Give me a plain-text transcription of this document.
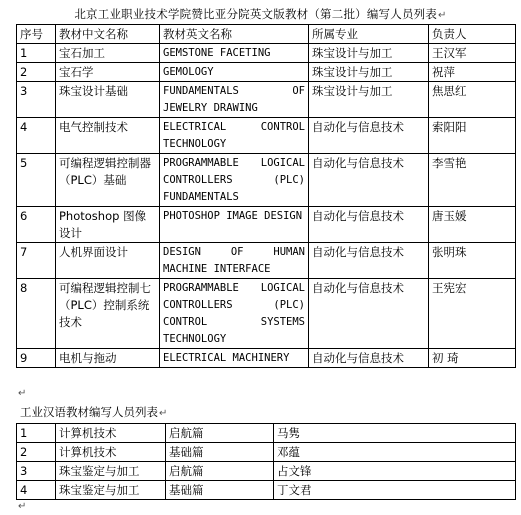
北京工业职业技术学院赞比亚分院英文版教材（第二批）编写人员列表↵
序号	教材中文名称	教材英文名称	所属专业	负责人
1	宝石加工	GEMSTONE FACETING	珠宝设计与加工	王汉军
2	宝石学	GEMOLOGY	珠宝设计与加工	祝萍
3	珠宝设计基础	FUNDAMENTALS OF JEWELRY DRAWING	珠宝设计与加工	焦思红
4	电气控制技术	ELECTRICAL CONTROL TECHNOLOGY	自动化与信息技术	索阳阳
5	可编程逻辑控制器（PLC）基础	PROGRAMMABLE LOGICAL CONTROLLERS (PLC) FUNDAMENTALS	自动化与信息技术	李雪艳
6	Photoshop 图像设计	PHOTOSHOP IMAGE DESIGN	自动化与信息技术	唐玉媛
7	人机界面设计	DESIGN OF HUMAN MACHINE INTERFACE	自动化与信息技术	张明珠
8	可编程逻辑控制七（PLC）控制系统技术	PROGRAMMABLE LOGICAL CONTROLLERS (PLC) CONTROL SYSTEMS TECHNOLOGY	自动化与信息技术	王宪宏
9	电机与拖动	ELECTRICAL MACHINERY	自动化与信息技术	初 琦
↵
工业汉语教材编写人员列表↵
1	计算机技术	启航篇	马隽
2	计算机技术	基础篇	邓蕴
3	珠宝鉴定与加工	启航篇	占文锋
4	珠宝鉴定与加工	基础篇	丁文君
↵
